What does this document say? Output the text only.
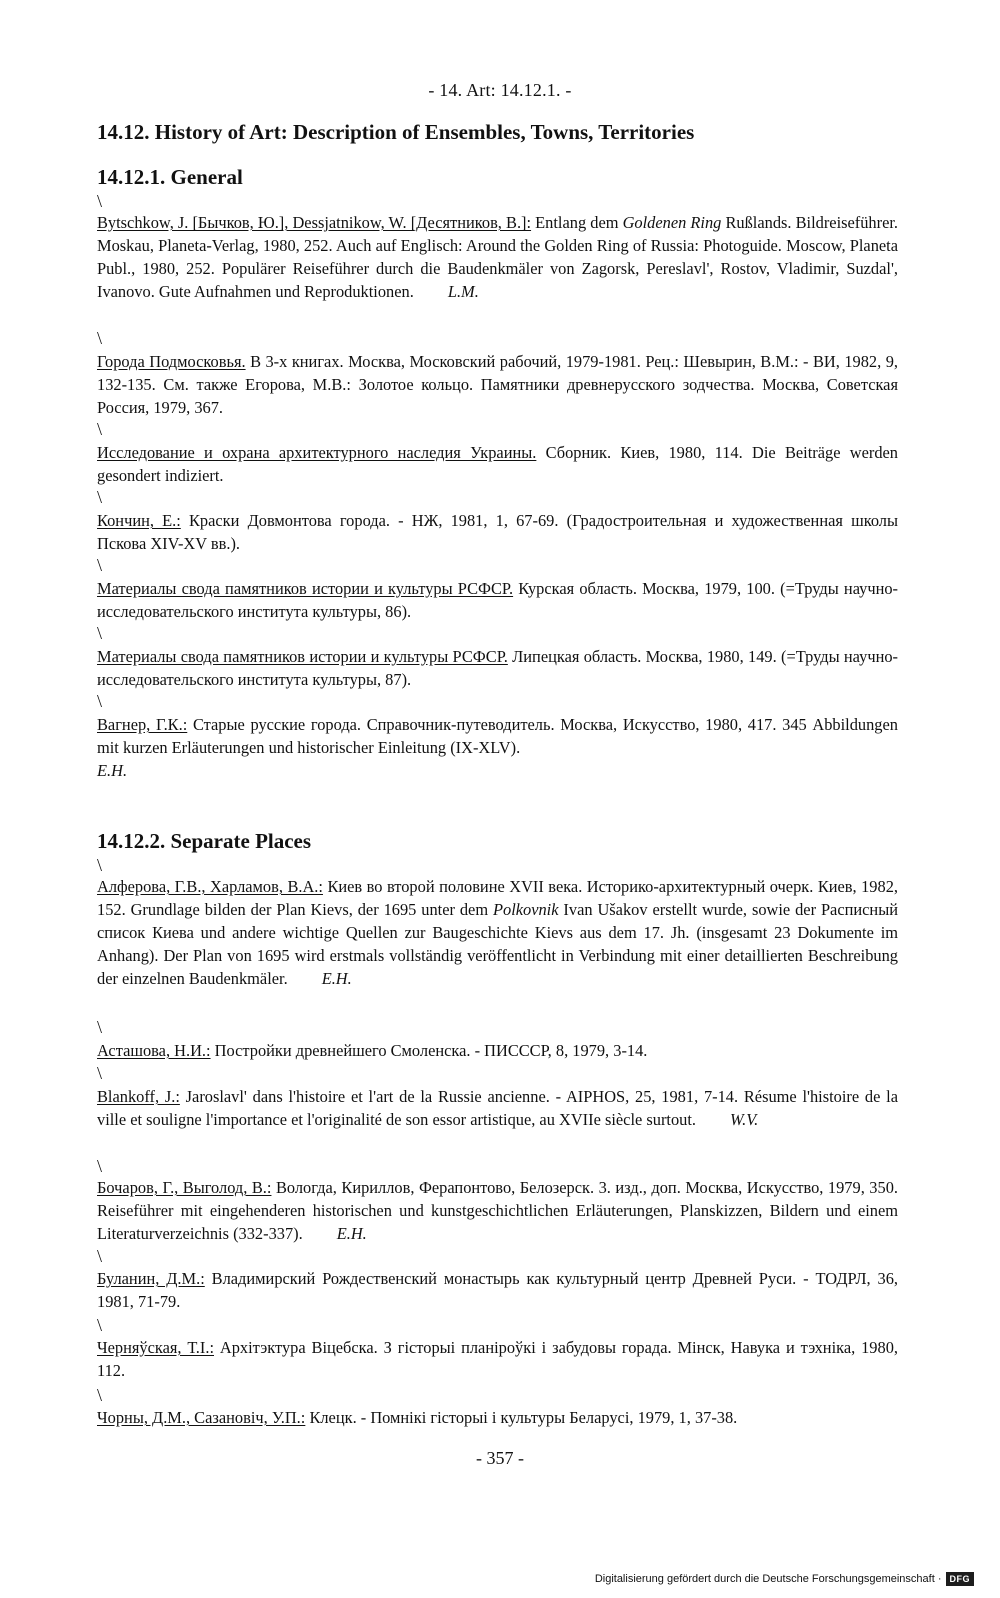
- 14. Art: 14.12.1. -
14.12. History of Art: Description of Ensembles, Towns, Territories
14.12.1. General
\
Bytschkow, J. [Бычков, Ю.], Dessjatnikow, W. [Десятников, В.]: Entlang dem Goldenen Ring Rußlands. Bildreiseführer. Moskau, Planeta-Verlag, 1980, 252. Auch auf Englisch: Around the Golden Ring of Russia: Photoguide. Moscow, Planeta Publ., 1980, 252. Populärer Reiseführer durch die Baudenkmäler von Zagorsk, Pereslavl', Rostov, Vladimir, Suzdal', Ivanovo. Gute Aufnahmen und Reproduktionen. L.M.
\
Города Подмосковья. В 3-х книгах. Москва, Московский рабочий, 1979-1981. Рец.: Шевырин, В.М.: - ВИ, 1982, 9, 132-135. См. также Егорова, М.В.: Золотое кольцо. Памятники древнерусского зодчества. Москва, Советская Россия, 1979, 367.
\
Исследование и охрана архитектурного наследия Украины. Сборник. Киев, 1980, 114. Die Beiträge werden gesondert indiziert.
\
Кончин, Е.: Краски Довмонтова города. - НЖ, 1981, 1, 67-69. (Градостроительная и художественная школы Пскова XIV-XV вв.).
\
Материалы свода памятников истории и культуры РСФСР. Курская область. Москва, 1979, 100. (=Труды научно-исследовательского института культуры, 86).
\
Материалы свода памятников истории и культуры РСФСР. Липецкая область. Москва, 1980, 149. (=Труды научно-исследовательского института культуры, 87).
\
Вагнер, Г.К.: Старые русские города. Справочник-путеводитель. Москва, Искусство, 1980, 417. 345 Abbildungen mit kurzen Erläuterungen und historischer Einleitung (IX-XLV).
E.H.
14.12.2. Separate Places
\
Алферова, Г.В., Харламов, В.А.: Киев во второй половине XVII века. Историко-архитектурный очерк. Киев, 1982, 152. Grundlage bilden der Plan Kievs, der 1695 unter dem Polkovnik Ivan Ušakov erstellt wurde, sowie der Расписный список Киева und andere wichtige Quellen zur Baugeschichte Kievs aus dem 17. Jh. (insgesamt 23 Dokumente im Anhang). Der Plan von 1695 wird erstmals vollständig veröffentlicht in Verbindung mit einer detaillierten Beschreibung der einzelnen Baudenkmäler. E.H.
\
Асташова, Н.И.: Постройки древнейшего Смоленска. - ПИСССР, 8, 1979, 3-14.
\
Blankoff, J.: Jaroslavl' dans l'histoire et l'art de la Russie ancienne. - AIPHOS, 25, 1981, 7-14. Résume l'histoire de la ville et souligne l'importance et l'originalité de son essor artistique, au XVIIe siècle surtout. W.V.
\
Бочаров, Г., Выголод, В.: Вологда, Кириллов, Ферапонтово, Белозерск. 3. изд., доп. Москва, Искусство, 1979, 350. Reiseführer mit eingehenderen historischen und kunstgeschichtlichen Erläuterungen, Planskizzen, Bildern und einem Literaturverzeichnis (332-337). E.H.
\
Буланин, Д.М.: Владимирский Рождественский монастырь как культурный центр Древней Руси. - ТОДРЛ, 36, 1981, 71-79.
\
Черняўская, Т.І.: Архітэктура Віцебска. З гісторыі планіроўкі і забудовы горада. Мінск, Навука и тэхніка, 1980, 112.
\
Чорны, Д.М., Сазановіч, У.П.: Клецк. - Помнікі гісторыі і культуры Беларусі, 1979, 1, 37-38.
- 357 -
Digitalisierung gefördert durch die Deutsche Forschungsgemeinschaft · DFG
